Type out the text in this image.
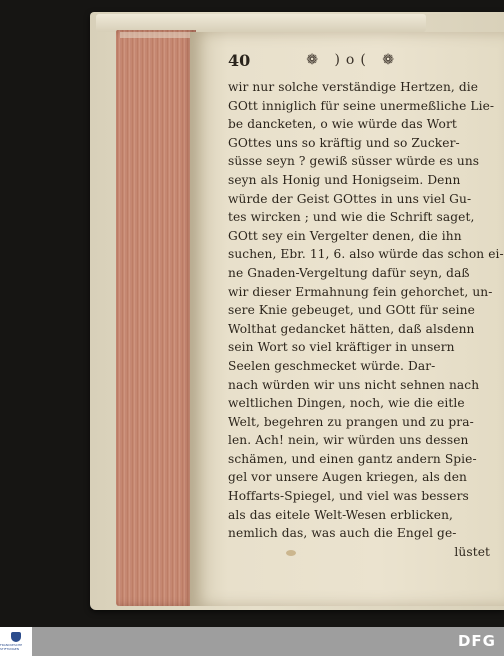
40	❁ )o( ❁
wir nur solche verständige Hertzen, die
GOtt inniglich für seine unermeßliche Lie-
be dancketen, o wie würde das Wort
GOttes uns so kräftig und so Zucker-
süsse seyn ? gewiß süsser würde es uns
seyn als Honig und Honigseim. Denn
würde der Geist GOttes in uns viel Gu-
tes wircken ; und wie die Schrift saget,
GOtt sey ein Vergelter denen, die ihn
suchen, Ebr. 11, 6. also würde das schon ei-
ne Gnaden-Vergeltung dafür seyn, daß
wir dieser Ermahnung fein gehorchet, un-
sere Knie gebeuget, und GOtt für seine
Wolthat gedancket hätten, daß alsdenn
sein Wort so viel kräftiger in unsern
Seelen geschmecket würde. Dar-
nach würden wir uns nicht sehnen nach
weltlichen Dingen, noch, wie die eitle
Welt, begehren zu prangen und zu pra-
len. Ach! nein, wir würden uns dessen
schämen, und einen gantz andern Spie-
gel vor unsere Augen kriegen, als den
Hoffarts-Spiegel, und viel was bessers
als das eitele Welt-Wesen erblicken,
nemlich das, was auch die Engel ge-
lüstet
FRANCKESCHE STIFTUNGEN	DFG
